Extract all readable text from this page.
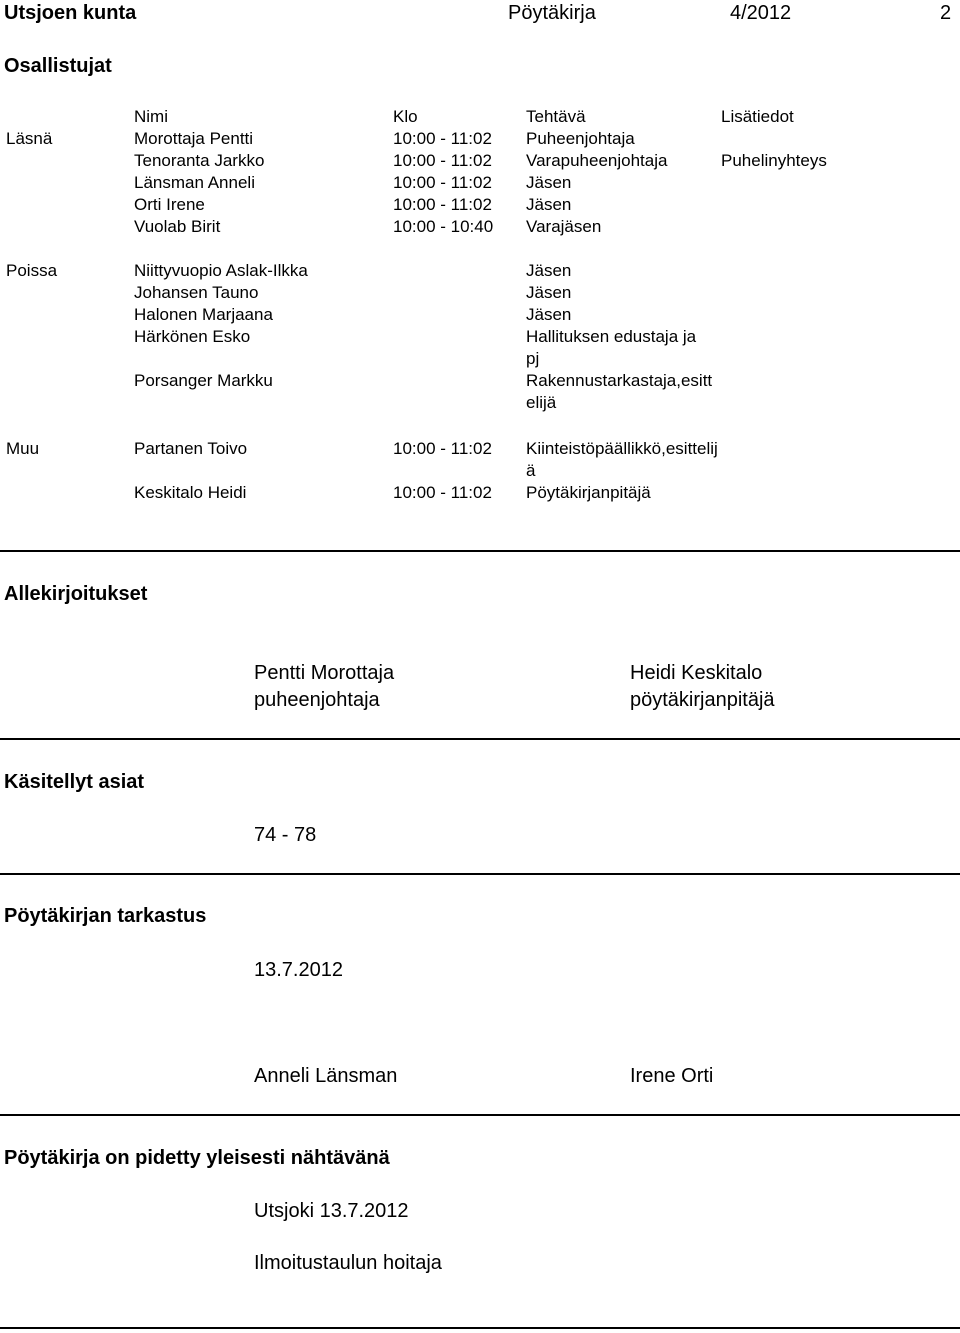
Utsjoen kunta	Pöytäkirja	4/2012	2
Osallistujat
Nimi	Klo	Tehtävä	Lisätiedot
Läsnä	Morottaja Pentti	10:00 - 11:02 Puheenjohtaja
Tenoranta Jarkko	10:00 - 11:02 Varapuheenjohtaja	Puhelinyhteys
Länsman Anneli	10:00 - 11:02 Jäsen
Orti Irene	10:00 - 11:02 Jäsen
Vuolab Birit	10:00 - 10:40 Varajäsen
Poissa	Niittyvuopio Aslak-Ilkka	Jäsen
Johansen Tauno	Jäsen
Halonen Marjaana	Jäsen
Härkönen Esko	Hallituksen edustaja ja pj
Porsanger Markku	Rakennustarkastaja,esittelijä
Muu	Partanen Toivo	10:00 - 11:02 Kiinteistöpäällikkö,esittelijä
Keskitalo Heidi	10:00 - 11:02 Pöytäkirjanpitäjä
Allekirjoitukset
Pentti Morottaja
puheenjohtaja
Heidi Keskitalo
pöytäkirjanpitäjä
Käsitellyt asiat
74 - 78
Pöytäkirjan tarkastus
13.7.2012
Anneli Länsman	Irene Orti
Pöytäkirja on pidetty yleisesti nähtävänä
Utsjoki 13.7.2012
Ilmoitustaulun hoitaja
